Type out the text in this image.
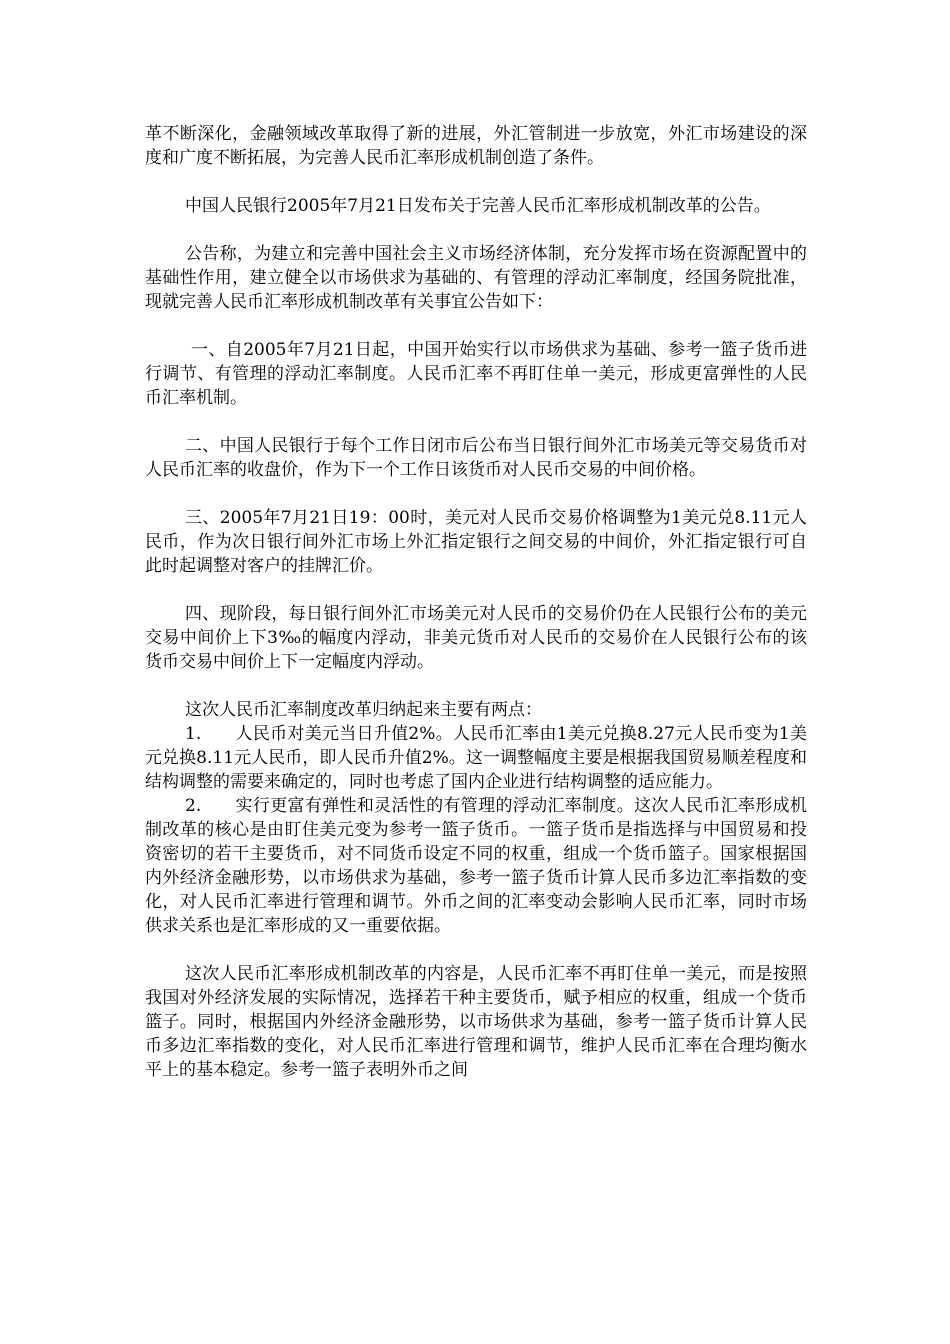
革不断深化，金融领域改革取得了新的进展，外汇管制进一步放宽，外汇市场建设的深度和广度不断拓展，为完善人民币汇率形成机制创造了条件。

中国人民银行2005年7月21日发布关于完善人民币汇率形成机制改革的公告。

公告称，为建立和完善中国社会主义市场经济体制，充分发挥市场在资源配置中的基础性作用，建立健全以市场供求为基础的、有管理的浮动汇率制度，经国务院批准，现就完善人民币汇率形成机制改革有关事宜公告如下：

一、自2005年7月21日起，中国开始实行以市场供求为基础、参考一篮子货币进行调节、有管理的浮动汇率制度。人民币汇率不再盯住单一美元，形成更富弹性的人民币汇率机制。

二、中国人民银行于每个工作日闭市后公布当日银行间外汇市场美元等交易货币对人民币汇率的收盘价，作为下一个工作日该货币对人民币交易的中间价格。

三、2005年7月21日19：00时，美元对人民币交易价格调整为1美元兑8.11元人民币，作为次日银行间外汇市场上外汇指定银行之间交易的中间价，外汇指定银行可自此时起调整对客户的挂牌汇价。

四、现阶段，每日银行间外汇市场美元对人民币的交易价仍在人民银行公布的美元交易中间价上下3‰的幅度内浮动，非美元货币对人民币的交易价在人民银行公布的该货币交易中间价上下一定幅度内浮动。

这次人民币汇率制度改革归纳起来主要有两点：

1. 人民币对美元当日升值2%。人民币汇率由1美元兑换8.27元人民币变为1美元兑换8.11元人民币，即人民币升值2%。这一调整幅度主要是根据我国贸易顺差程度和结构调整的需要来确定的，同时也考虑了国内企业进行结构调整的适应能力。
2. 实行更富有弹性和灵活性的有管理的浮动汇率制度。这次人民币汇率形成机制改革的核心是由盯住美元变为参考一篮子货币。一篮子货币是指选择与中国贸易和投资密切的若干主要货币，对不同货币设定不同的权重，组成一个货币篮子。国家根据国内外经济金融形势，以市场供求为基础，参考一篮子货币计算人民币多边汇率指数的变化，对人民币汇率进行管理和调节。外币之间的汇率变动会影响人民币汇率，同时市场供求关系也是汇率形成的又一重要依据。

这次人民币汇率形成机制改革的内容是，人民币汇率不再盯住单一美元，而是按照我国对外经济发展的实际情况，选择若干种主要货币，赋予相应的权重，组成一个货币篮子。同时，根据国内外经济金融形势，以市场供求为基础，参考一篮子货币计算人民币多边汇率指数的变化，对人民币汇率进行管理和调节，维护人民币汇率在合理均衡水平上的基本稳定。参考一篮子表明外币之间
